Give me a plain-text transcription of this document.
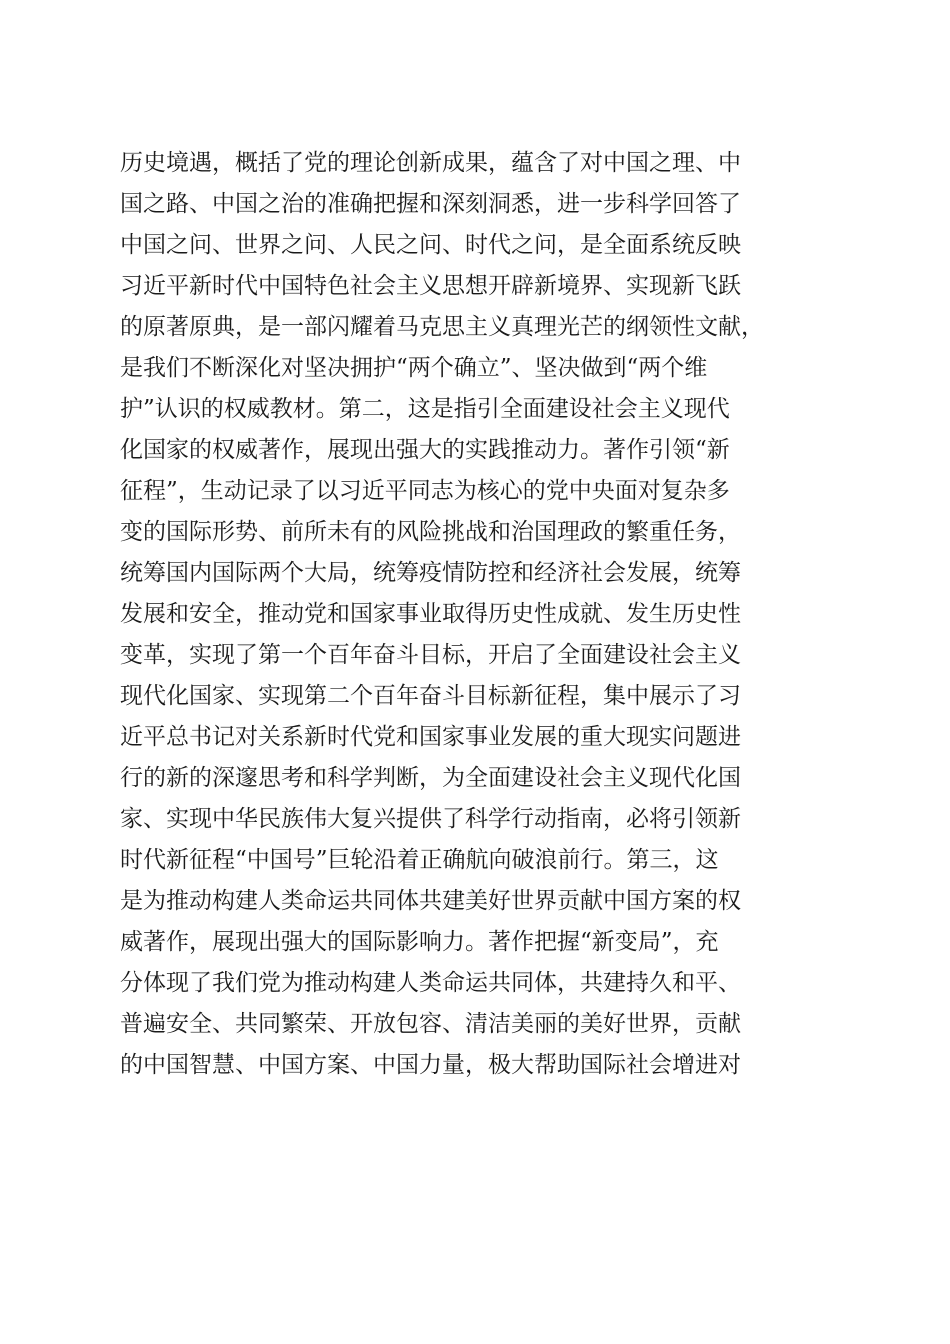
历史境遇，概括了党的理论创新成果，蕴含了对中国之理、中
国之路、中国之治的准确把握和深刻洞悉，进一步科学回答了
中国之问、世界之问、人民之问、时代之问，是全面系统反映
习近平新时代中国特色社会主义思想开辟新境界、实现新飞跃
的原著原典，是一部闪耀着马克思主义真理光芒的纲领性文献，
是我们不断深化对坚决拥护“两个确立”、坚决做到“两个维
护”认识的权威教材。第二，这是指引全面建设社会主义现代
化国家的权威著作，展现出强大的实践推动力。著作引领“新
征程”，生动记录了以习近平同志为核心的党中央面对复杂多
变的国际形势、前所未有的风险挑战和治国理政的繁重任务，
统筹国内国际两个大局，统筹疫情防控和经济社会发展，统筹
发展和安全，推动党和国家事业取得历史性成就、发生历史性
变革，实现了第一个百年奋斗目标，开启了全面建设社会主义
现代化国家、实现第二个百年奋斗目标新征程，集中展示了习
近平总书记对关系新时代党和国家事业发展的重大现实问题进
行的新的深邃思考和科学判断，为全面建设社会主义现代化国
家、实现中华民族伟大复兴提供了科学行动指南，必将引领新
时代新征程“中国号”巨轮沿着正确航向破浪前行。第三，这
是为推动构建人类命运共同体共建美好世界贡献中国方案的权
威著作，展现出强大的国际影响力。著作把握“新变局”，充
分体现了我们党为推动构建人类命运共同体，共建持久和平、
普遍安全、共同繁荣、开放包容、清洁美丽的美好世界，贡献
的中国智慧、中国方案、中国力量，极大帮助国际社会增进对
